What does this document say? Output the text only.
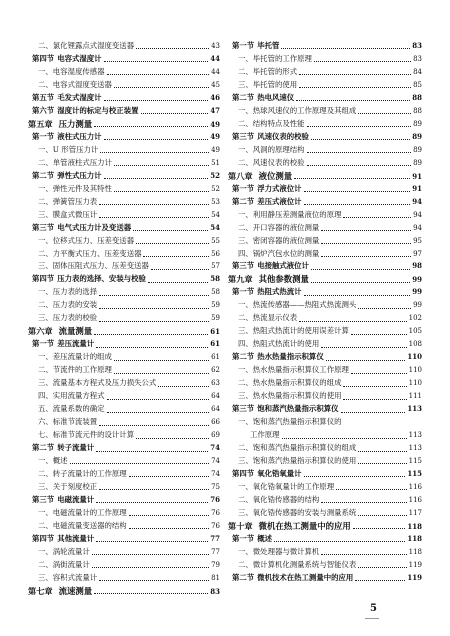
二、氯化锂露点式湿度变送器	43
第四节 电容式湿度计	44
一、电容湿度传感器	44
二、电容式湿度变送器	45
第五节 毛发式湿度计	46
第六节 湿度计的标定与校正装置	47
第五章 压力测量	49
第一节 液柱式压力计	49
一、U 形管压力计	49
二、单管液柱式压力计	51
第二节 弹性式压力计	52
一、弹性元件及其特性	52
二、弹簧管压力表	53
三、膜盒式微压计	54
第三节 电气式压力计及变送器	54
一、位移式压力、压差变送器	55
二、力平衡式压力、压差变送器	56
三、固体压阻式压力、压差变送器	57
第四节 压力表的选择、安装与校验	58
一、压力表的选择	58
二、压力表的安装	59
三、压力表的校验	59
第六章 流量测量	61
第一节 差压流量计	61
一、差压流量计的组成	61
二、节流件的工作原理	62
三、流量基本方程式及压力损失公式	63
四、实用流量方程式	64
五、流量系数的确定	64
六、标准节流装置	66
七、标准节流元件的设计计算	69
第二节 转子流量计	74
一、概述	74
二、转子流量计的工作原理	74
三、关于刻度校正	75
第三节 电磁流量计	76
一、电磁流量计的工作原理	76
二、电磁流量变送器的结构	76
第四节 其他流量计	77
一、涡轮流量计	77
二、涡街流量计	79
三、容积式流量计	81
第七章 流速测量	83
第一节 毕托管	83
一、毕托管的工作原理	83
二、毕托管的形式	84
三、毕托管的使用	85
第二节 热电风速仪	88
一、热球风速仪的工作原理及其组成	88
二、结构特点及性能	89
第三节 风速仪表的校验	89
一、风洞的原理结构	89
二、风速仪表的校验	89
第八章 液位测量	91
第一节 浮力式液位计	91
第二节 差压式液位计	94
一、利用静压差测量液位的原理	94
二、开口容器的液位测量	94
三、密闭容器的液位测量	95
四、锅炉汽包水位的测量	97
第三节 电接触式液位计	98
第九章 其他参数测量	99
第一节 热阻式热流计	99
一、热流传感器——热阻式热流测头	99
二、热流显示仪表	102
三、热阻式热流计的使用误差计算	105
四、热阻式热流计的使用	108
第二节 热水热量指示积算仪	110
一、热水热量指示积算仪工作原理	110
二、热水热量指示积算仪的组成	110
三、热水热量指示积算仪的使用	111
第三节 饱和蒸汽热量指示积算仪	113
一、饱和蒸汽热量指示积算仪的
工作原理	113
二、饱和蒸汽热量指示积算仪的组成	113
三、饱和蒸汽热量指示积算仪的使用	115
第四节 氧化锆氧量计	115
一、氧化锆氧量计的工作原理	116
二、氧化锆传感器的结构	116
三、氧化锆传感器的安装与测量系统	117
第十章 微机在热工测量中的应用	118
第一节 概述	118
一、微处理器与微计算机	118
二、微计算机化测量系统与智能仪表	119
第二节 微机技术在热工测量中的应用	119
5
